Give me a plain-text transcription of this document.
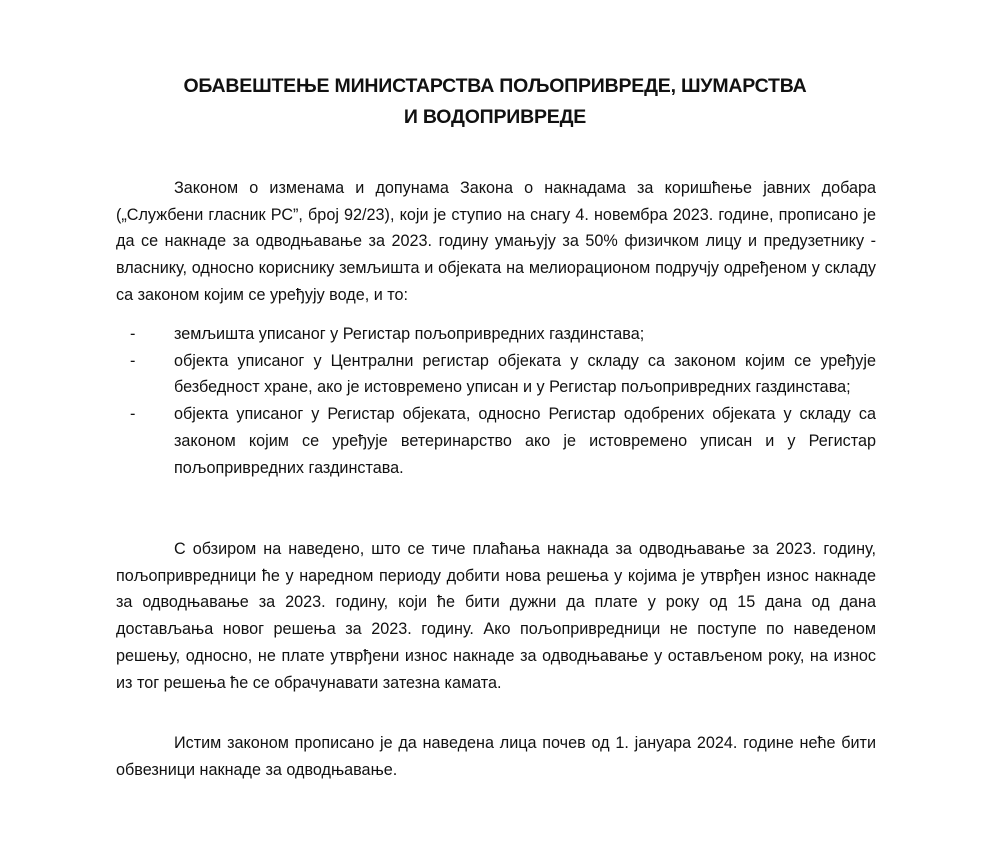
ОБАВЕШТЕЊЕ МИНИСТАРСТВА ПОЉОПРИВРЕДЕ, ШУМАРСТВА
И ВОДОПРИВРЕДЕ

Законом о изменама и допунама Закона о накнадама за коришћење јавних добара („Службени гласник РС”, број 92/23), који је ступио на снагу 4. новембра 2023. године, прописано је да се накнаде за одводњавање за 2023. годину умањују за 50% физичком лицу и предузетнику - власнику, односно кориснику земљишта и објеката на мелиорационом подручју одређеном у складу са законом којим се уређују воде, и то:

- земљишта уписаног у Регистар пољопривредних газдинстава;
- објекта уписаног у Централни регистар објеката у складу са законом којим се уређује безбедност хране, ако је истовремено уписан и у Регистар пољопривредних газдинстава;
- објекта уписаног у Регистар објеката, односно Регистар одобрених објеката у складу са законом којим се уређује ветеринарство ако је истовремено уписан и у Регистар пољопривредних газдинстава.

С обзиром на наведено, што се тиче плаћања накнада за одводњавање за 2023. годину, пољопривредници ће у наредном периоду добити нова решења у којима је утврђен износ накнаде за одводњавање за 2023. годину, који ће бити дужни да плате у року од 15 дана од дана достављања новог решења за 2023. годину. Ако пољопривредници не поступе по наведеном решењу, односно, не плате утврђени износ накнаде за одводњавање у остављеном року, на износ из тог решења ће се обрачунавати затезна камата.

Истим законом прописано је да наведена лица почев од 1. јануара 2024. године неће бити обвезници накнаде за одводњавање.
